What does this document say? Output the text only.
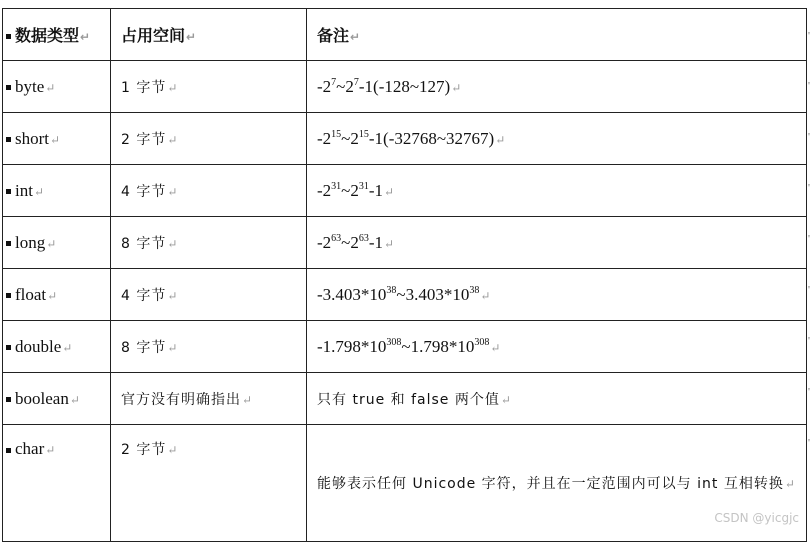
数据类型↵	占用空间↵	备注↵
byte↵	1 字节↵	$-2^7\sim 2^7-1(-128\sim 127)↵$
short↵	2 字节↵	$-2^{15}\sim 2^{15}-1(-32768\sim 32767)↵$
int↵	4 字节↵	$-2^{31}\sim 2^{31}-1↵$
long↵	8 字节↵	$-2^{63}\sim 2^{63}-1↵$
float↵	4 字节↵	$-3.403*10^{38}\sim 3.403*10^{38}↵$
double↵	8 字节↵	$-1.798*10^{308}\sim 1.798*10^{308}↵$
boolean↵	官方没有明确指出↵	只有 true 和 false 两个值↵
char↵	2 字节↵	能够表示任何 Unicode 字符，并且在一定范围内可以与 int 互相转换↵
'
'
'
'
'
'
'
'
'
CSDN @yicgjc
